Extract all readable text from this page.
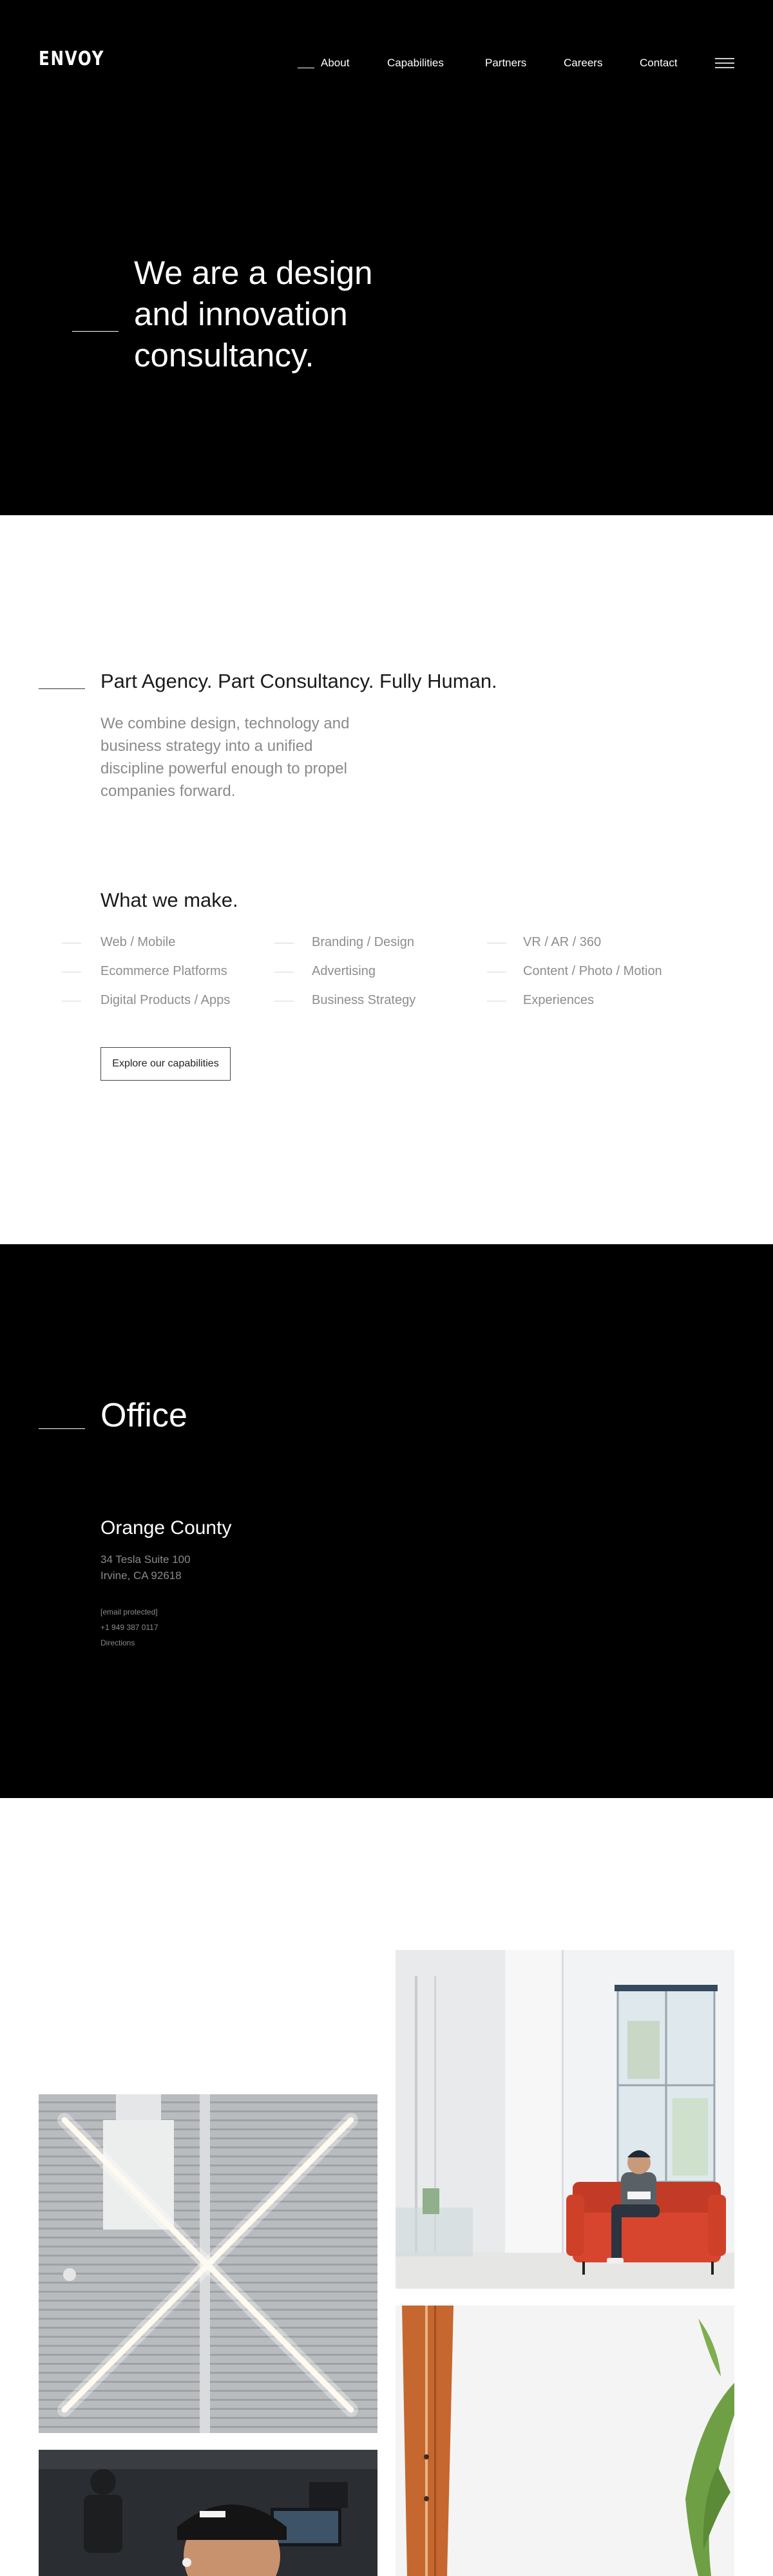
ENVOY	About	Capabilities	Partners	Careers	Contact
We are a design
and innovation
consultancy.
Part Agency. Part Consultancy. Fully Human.

We combine design, technology and business strategy into a unified discipline powerful enough to propel companies forward.

What we make.
Web / Mobile
Ecommerce Platforms
Digital Products / Apps
Branding / Design
Advertising
Business Strategy
VR / AR / 360
Content / Photo / Motion
Experiences
Explore our capabilities
Office
Orange County
34 Tesla Suite 100
Irvine, CA 92618
[email protected]
+1 949 387 0117
Directions
